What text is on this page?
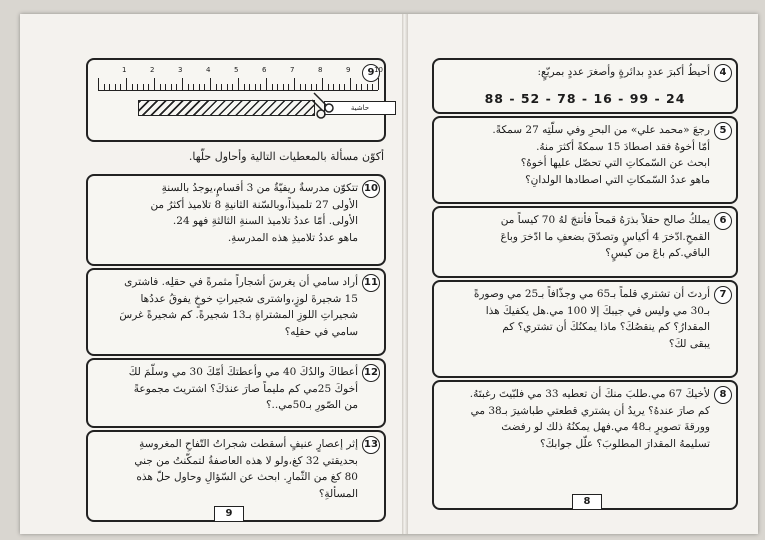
9
1	2	3	4	5	6	7	8	9	10
حاشية
أكوّن مسألة بالمعطيات التالية وأحاول حلّها.
10

تتكوّن مدرسةٌ ريفيّةٌ من 3 أقسامٍ،يوجدُ بالسنةِ

الأولى 27 تلميذاً،وبالسّنة الثانيةِ 8 تلاميذ أكثرُ من

الأولى. أمّا عددُ تلاميذ السنةِ الثالثةِ فهو 24.

ماهو عددُ تلاميذِ هذه المدرسةِ.

11

أراد سامي أن يغرسَ أشجاراً مثمرةً في حقلِه. فاشترى

15 شجيرةَ لوزٍ،واشترى شجيراتِ خوخٍ يفوقُ عددُها

شجيراتِ اللوزِ المشتراةِ بـ13 شجيرةً. كم شجيرةً غرسَ

سامي في حقلِه؟

12

أعطاكَ والدُكَ 40 مي وأعطتكَ أمّكَ 30 مي وسلّمَ لكَ

أخوكَ 25مي كم مليماً صارَ عندَكَ؟ اشتريتَ مجموعةً

من الصّورِ بـ50مي..؟

13

إثر إعصارٍ عنيفٍ أسقطت شجراتُ التّفاحِ المغروسةِ

بحديقتي 32 كغ،ولو لا هذه العاصفةُ لتمكّنتُ من جني

80 كغ من الثّمارِ. ابحث عن السّؤالِ وحاول حلّ هذه

المسألةِ؟

9
4

أحيطُ أكبرَ عددٍ بدائرةٍ وأصغرَ عددٍ بمربّعٍ:

88 - 52 - 78 - 16 - 99 - 24
5

رجعَ «محمد علي» من البحرِ وفي سلّتِه 27 سمكةً.

أمّا أخوهُ فقد اصطادَ 15 سمكةً أكثرَ منهُ.

ابحث عن السّمكاتِ التي تحصّل عليها أخوهُ؟

ماهو عددُ السّمكاتِ التي اصطادها الولدانِ؟

6

يملكُ صالح حقلاً بذرَهُ قمحاً فأنتجَ لهُ 70 كيساً من

القمحِ.ادّخرَ 4 أكياسٍ وتصدّقَ بضعفِ ما ادّخرَ وباعَ

الباقي.كم باعَ من كيسٍ؟

7

أردتَ أن تشتري قلماً بـ65 مي وجذّافاً بـ25 مي وصورةً

بـ30 مي وليس في جيبكَ إلا 100 مي.هل يكفيكَ هذا

المقدارُ؟ كم ينقصُكَ؟ ماذا يمكنُكَ أن تشتري؟ كم

يبقى لكَ؟

8

لأخيكَ 67 مي.طلبَ منكَ أن تعطيه 33 مي فلبّيتَ رغبتَهُ.

كم صارَ عندهُ؟ يريدُ أن يشتري قطعتي طباشيرَ بـ38 مي

وورقةَ تصويرٍ بـ48 مي.فهل يمكنُهُ ذلك لو رفضتَ

تسليمهُ المقدارَ المطلوبَ؟ علّل جوابكَ؟

8
